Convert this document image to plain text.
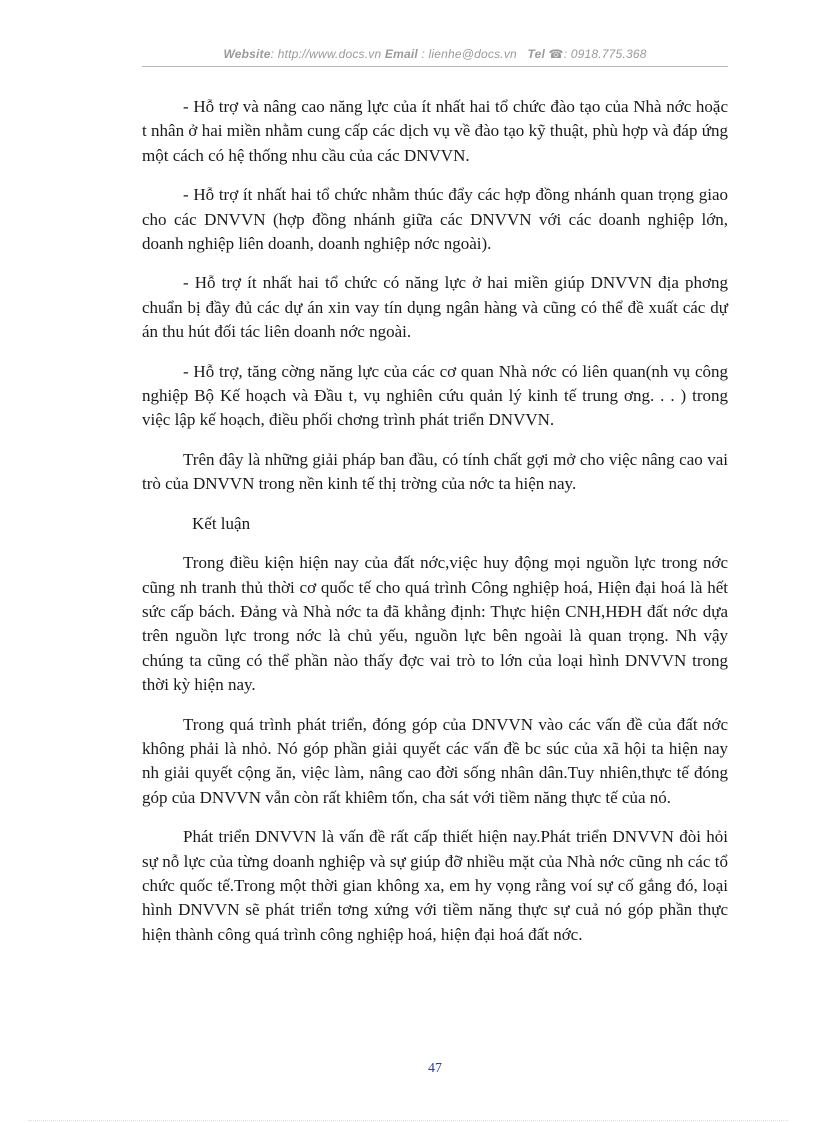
Website: http://www.docs.vn Email : lienhe@docs.vn Tel ☎: 0918.775.368

- Hỗ trợ và nâng cao năng lực của ít nhất hai tổ chức đào tạo của Nhà nớc hoặc t nhân ở hai miền nhằm cung cấp các dịch vụ về đào tạo kỹ thuật, phù hợp và đáp ứng một cách có hệ thống nhu cầu của các DNVVN.

- Hỗ trợ ít nhất hai tổ chức nhằm thúc đẩy các hợp đồng nhánh quan trọng giao cho các DNVVN (hợp đồng nhánh giữa các DNVVN với các doanh nghiệp lớn, doanh nghiệp liên doanh, doanh nghiệp nớc ngoài).

- Hỗ trợ ít nhất hai tổ chức có năng lực ở hai miền giúp DNVVN địa phơng chuẩn bị đầy đủ các dự án xin vay tín dụng ngân hàng và cũng có thể đề xuất các dự án thu hút đối tác liên doanh nớc ngoài.

- Hỗ trợ, tăng cờng năng lực của các cơ quan Nhà nớc có liên quan(nh vụ công nghiệp Bộ Kế hoạch và Đầu t, vụ nghiên cứu quản lý kinh tế trung ơng. . . ) trong việc lập kế hoạch, điều phối chơng trình phát triển DNVVN.

Trên đây là những giải pháp ban đầu, có tính chất gợi mở cho việc nâng cao vai trò của DNVVN trong nền kinh tế thị trờng của nớc ta hiện nay.

Kết luận

Trong điều kiện hiện nay của đất nớc,việc huy động mọi nguồn lực trong nớc cũng nh tranh thủ thời cơ quốc tế cho quá trình Công nghiệp hoá, Hiện đại hoá là hết sức cấp bách. Đảng và Nhà nớc ta đã khẳng định: Thực hiện CNH,HĐH đất nớc dựa trên nguồn lực trong nớc là chủ yếu, nguồn lực bên ngoài là quan trọng. Nh vậy chúng ta cũng có thể phần nào thấy đợc vai trò to lớn của loại hình DNVVN trong thời kỳ hiện nay.

Trong quá trình phát triển, đóng góp của DNVVN vào các vấn đề của đất nớc không phải là nhỏ. Nó góp phần giải quyết các vấn đề bc súc của xã hội ta hiện nay nh giải quyết cộng ăn, việc làm, nâng cao đời sống nhân dân.Tuy nhiên,thực tế đóng góp của DNVVN vẫn còn rất khiêm tốn, cha sát với tiềm năng thực tế của nó.

Phát triển DNVVN là vấn đề rất cấp thiết hiện nay.Phát triển DNVVN đòi hỏi sự nỗ lực của từng doanh nghiệp và sự giúp đỡ nhiều mặt của Nhà nớc cũng nh các tổ chức quốc tế.Trong một thời gian không xa, em hy vọng rằng voí sự cố gắng đó, loại hình DNVVN sẽ phát triển tơng xứng với tiềm năng thực sự cuả nó góp phần thực hiện thành công quá trình công nghiệp hoá, hiện đại hoá đất nớc.

47
